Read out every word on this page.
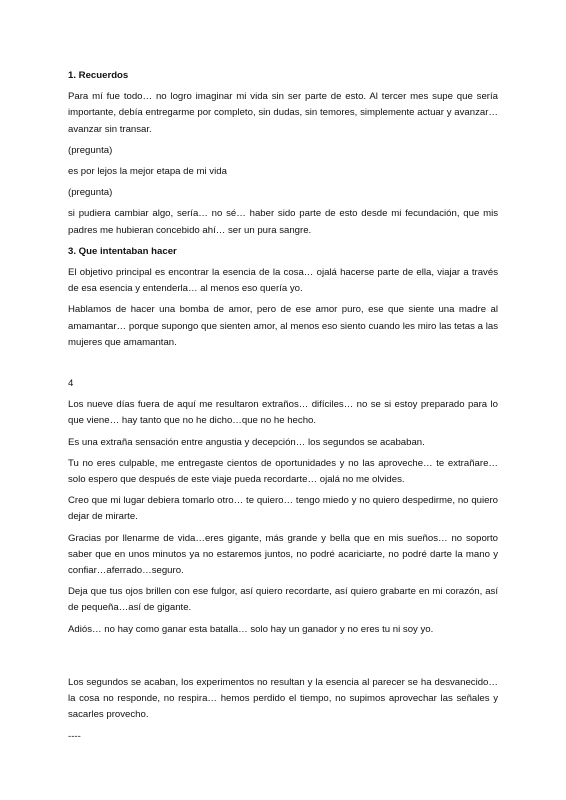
1. Recuerdos
Para mí fue todo… no logro imaginar mi vida sin ser parte de esto. Al tercer mes supe que sería importante, debía entregarme por completo, sin dudas, sin temores, simplemente actuar y avanzar… avanzar sin transar.
(pregunta)
es por lejos la mejor etapa de mi vida
(pregunta)
si pudiera cambiar algo, sería… no sé… haber sido parte de esto desde mi fecundación, que mis padres me hubieran concebido ahí… ser un pura sangre.
3. Que intentaban hacer
El objetivo principal es encontrar la esencia de la cosa… ojalá hacerse parte de ella, viajar a través de esa esencia y entenderla… al menos eso quería yo.
Hablamos de hacer una bomba de amor, pero de ese amor puro, ese que siente una madre al amamantar… porque supongo que sienten amor, al menos eso siento cuando les miro las tetas a las mujeres que amamantan.
4
Los nueve días fuera de aquí me resultaron extraños… difíciles… no se si estoy preparado para lo que viene… hay tanto que no he dicho…que no he hecho.
Es una extraña sensación entre angustia y decepción… los segundos se acababan.
Tu no eres culpable, me entregaste cientos de oportunidades y no las aproveche… te extrañare… solo espero que después de este viaje pueda recordarte… ojalá no me olvides.
Creo que mi lugar debiera tomarlo otro… te quiero… tengo miedo y no quiero despedirme, no quiero dejar de mirarte.
Gracias por llenarme de vida…eres gigante, más grande y bella que en mis sueños… no soporto saber que en unos minutos ya no estaremos juntos, no podré acariciarte, no podré darte la mano y confiar…aferrado…seguro.
Deja que tus ojos brillen con ese fulgor, así quiero recordarte, así quiero grabarte en mi corazón, así de pequeña…así de gigante.
Adiós… no hay como ganar esta batalla… solo hay un ganador y no eres tu ni soy yo.
Los segundos se acaban, los experimentos no resultan y la esencia al parecer se ha desvanecido… la cosa no responde, no respira… hemos perdido el tiempo, no supimos aprovechar las señales y sacarles provecho.
----
